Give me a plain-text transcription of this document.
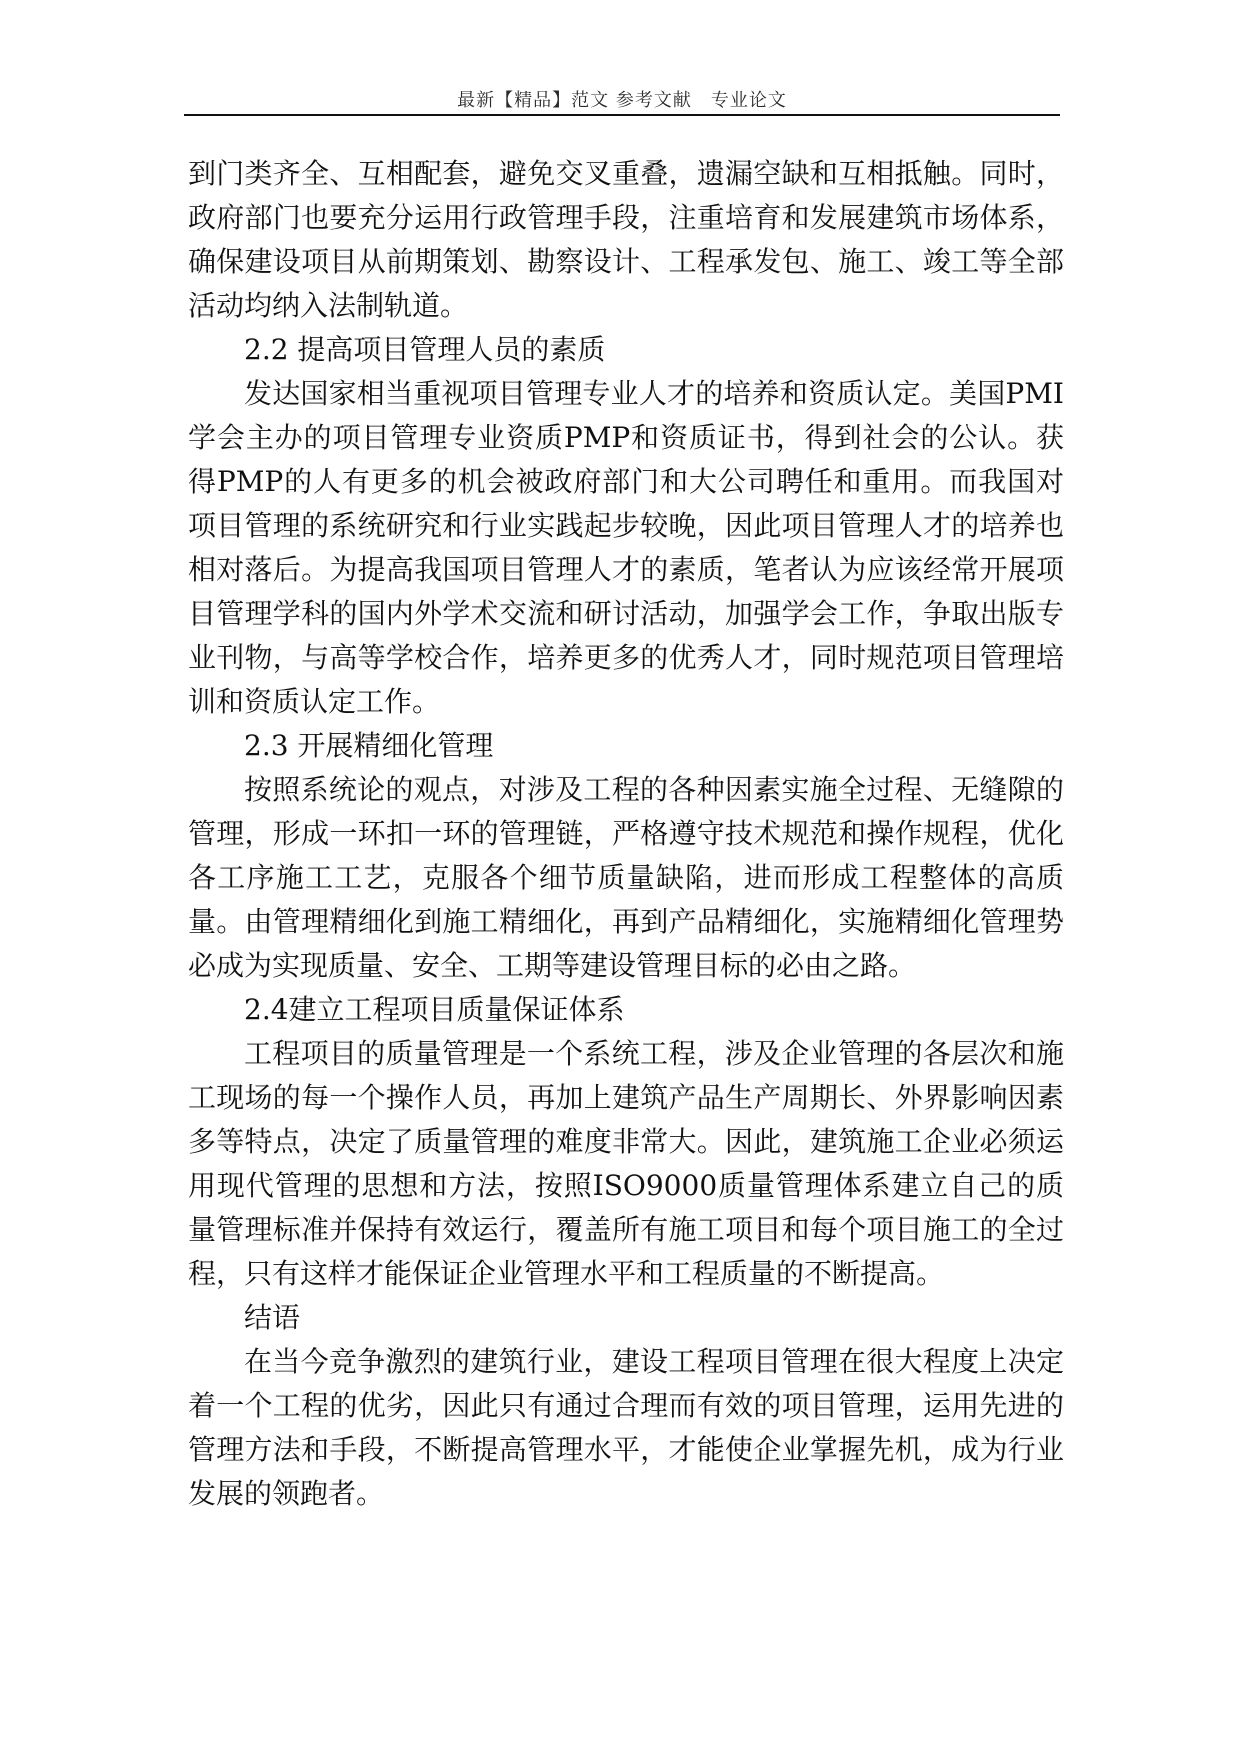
最新【精品】范文 参考文献　专业论文

到门类齐全、互相配套，避免交叉重叠，遗漏空缺和互相抵触。同时，政府部门也要充分运用行政管理手段，注重培育和发展建筑市场体系，确保建设项目从前期策划、勘察设计、工程承发包、施工、竣工等全部活动均纳入法制轨道。

2.2 提高项目管理人员的素质

发达国家相当重视项目管理专业人才的培养和资质认定。美国PMI学会主办的项目管理专业资质PMP和资质证书，得到社会的公认。获得PMP的人有更多的机会被政府部门和大公司聘任和重用。而我国对项目管理的系统研究和行业实践起步较晚，因此项目管理人才的培养也相对落后。为提高我国项目管理人才的素质，笔者认为应该经常开展项目管理学科的国内外学术交流和研讨活动，加强学会工作，争取出版专业刊物，与高等学校合作，培养更多的优秀人才，同时规范项目管理培训和资质认定工作。

2.3 开展精细化管理

按照系统论的观点，对涉及工程的各种因素实施全过程、无缝隙的管理，形成一环扣一环的管理链，严格遵守技术规范和操作规程，优化各工序施工工艺，克服各个细节质量缺陷，进而形成工程整体的高质量。由管理精细化到施工精细化，再到产品精细化，实施精细化管理势必成为实现质量、安全、工期等建设管理目标的必由之路。

2.4建立工程项目质量保证体系

工程项目的质量管理是一个系统工程，涉及企业管理的各层次和施工现场的每一个操作人员，再加上建筑产品生产周期长、外界影响因素多等特点，决定了质量管理的难度非常大。因此，建筑施工企业必须运用现代管理的思想和方法，按照ISO9000质量管理体系建立自己的质量管理标准并保持有效运行，覆盖所有施工项目和每个项目施工的全过程，只有这样才能保证企业管理水平和工程质量的不断提高。

结语

在当今竞争激烈的建筑行业，建设工程项目管理在很大程度上决定着一个工程的优劣，因此只有通过合理而有效的项目管理，运用先进的管理方法和手段，不断提高管理水平，才能使企业掌握先机，成为行业发展的领跑者。
